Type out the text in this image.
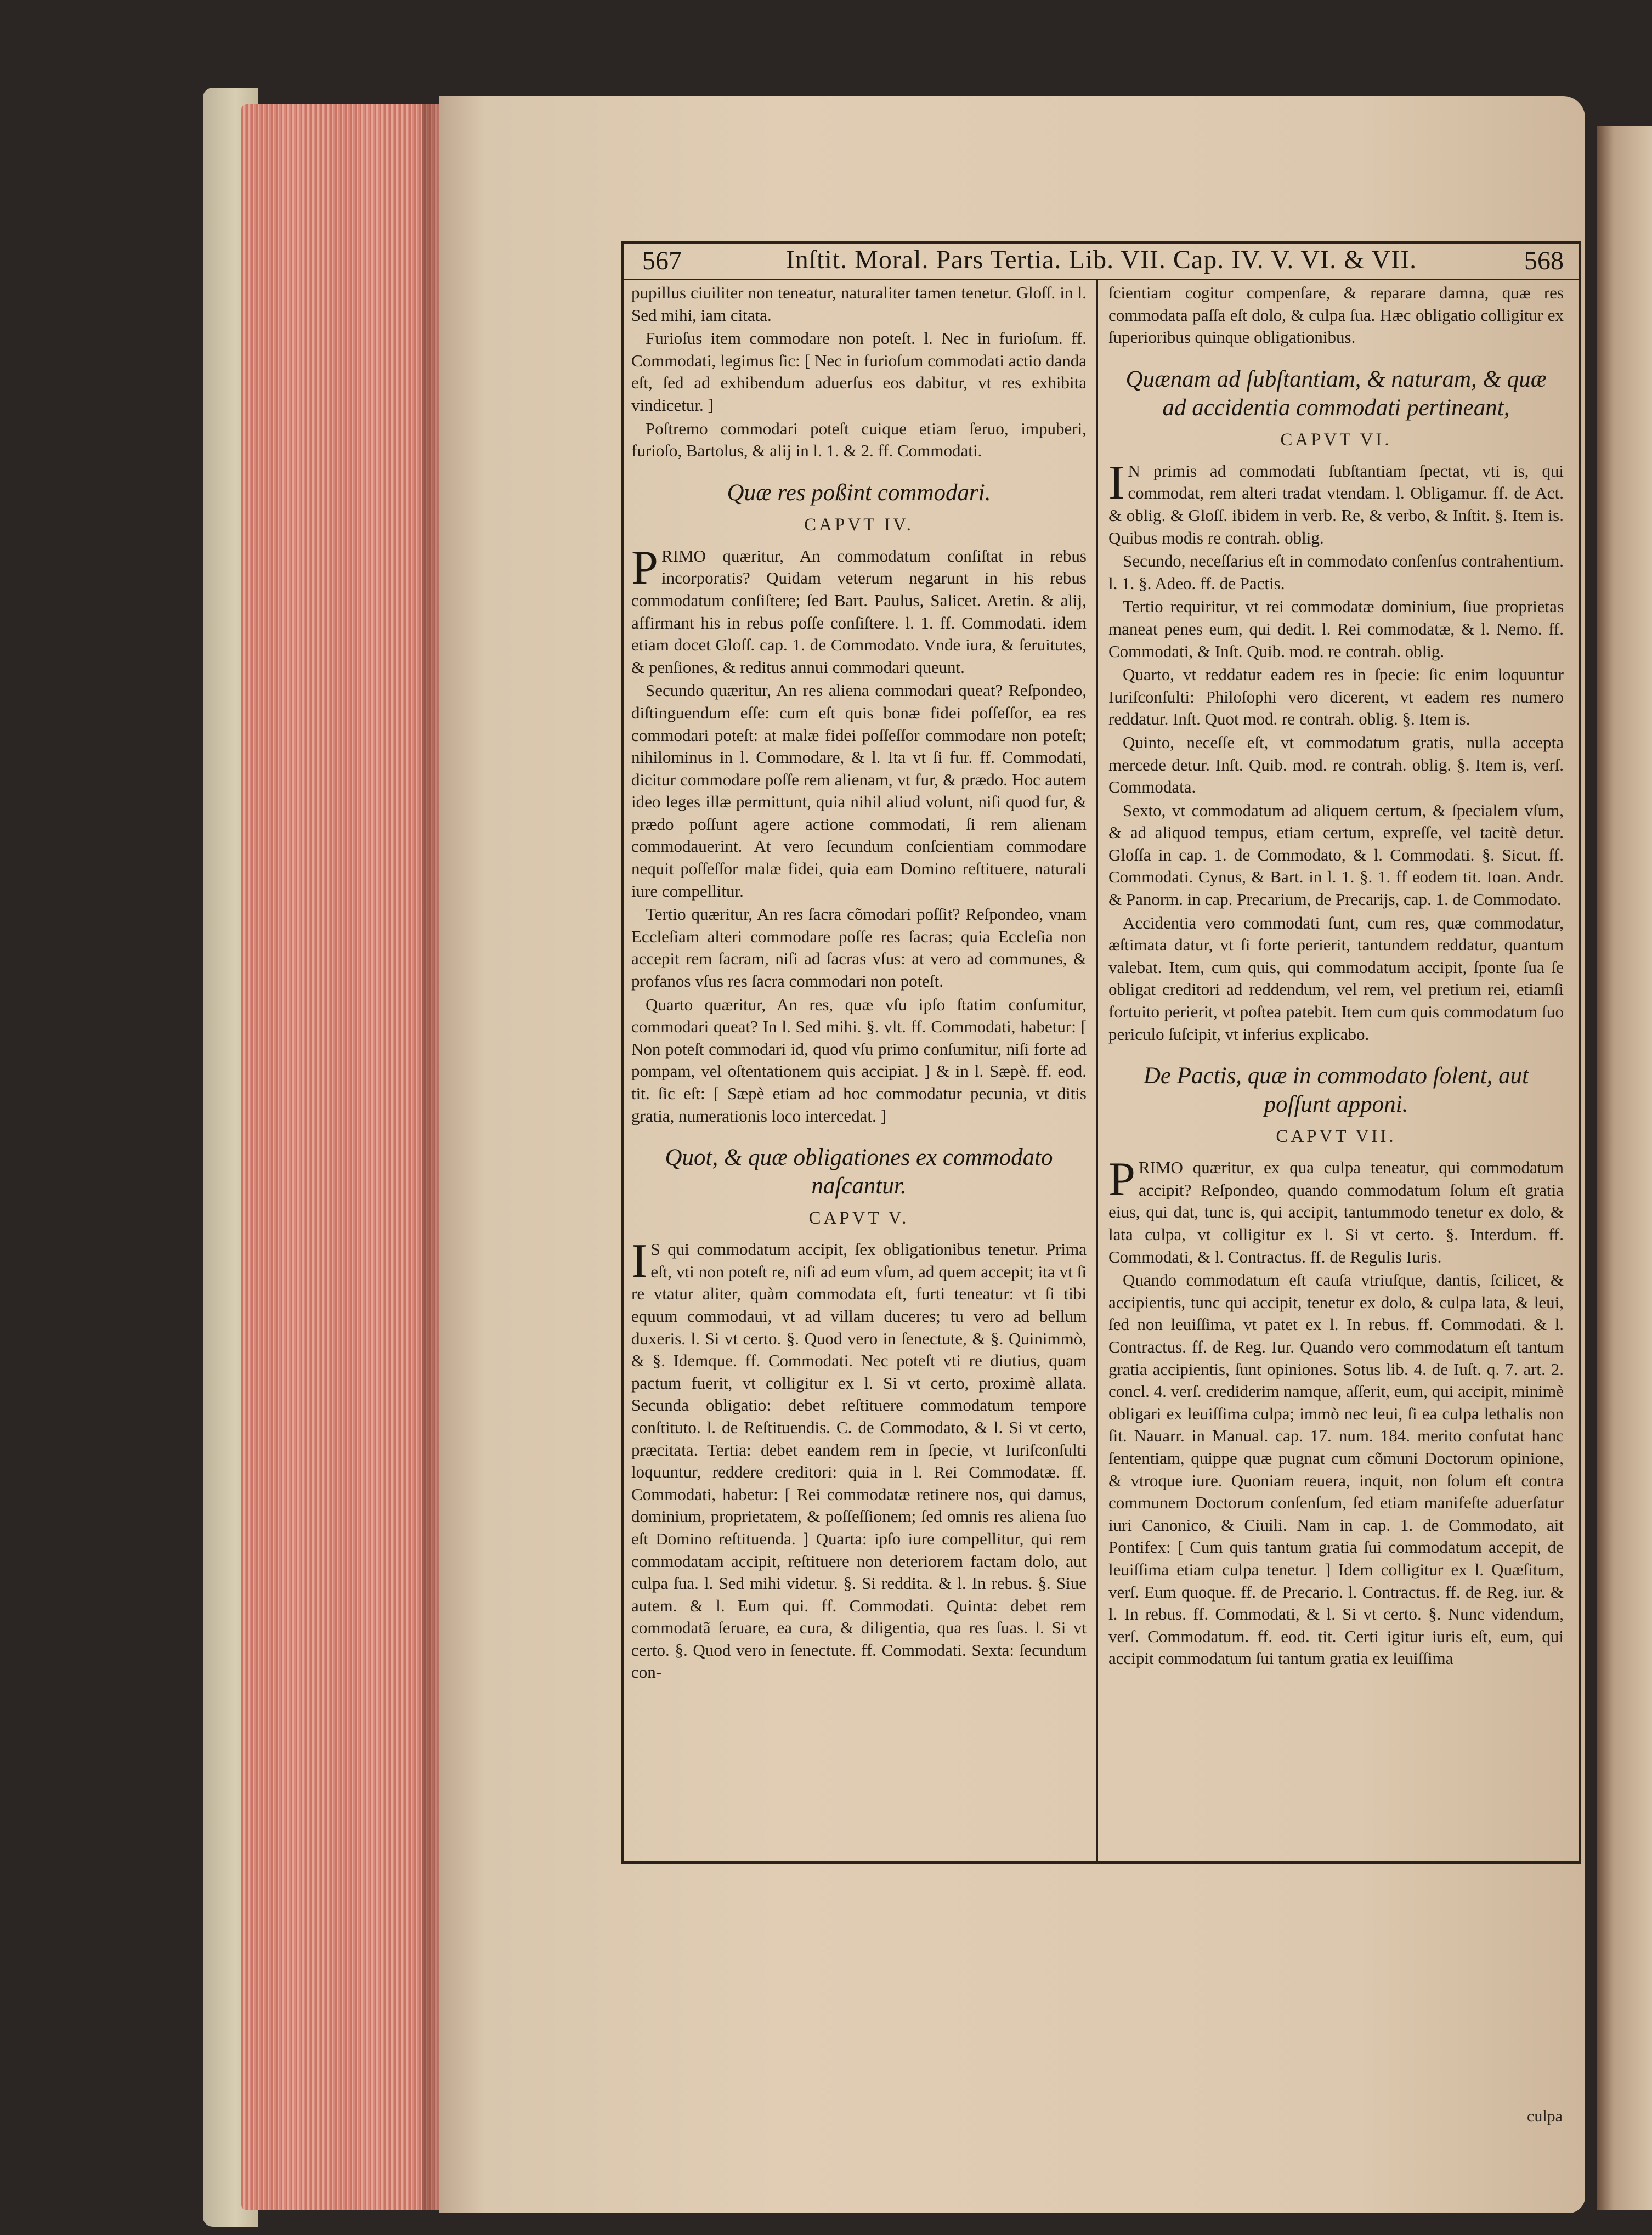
567	Inſtit. Moral. Pars Tertia. Lib. VII. Cap. IV. V. VI. & VII.	568

pupillus ciuiliter non teneatur, naturaliter tamen tenetur. Gloſſ. in l. Sed mihi, iam citata.

Furioſus item commodare non poteſt. l. Nec in furioſum. ff. Commodati, legimus ſic: [ Nec in furioſum commodati actio danda eſt, ſed ad exhibendum aduerſus eos dabitur, vt res exhibita vindicetur. ]

Poſtremo commodari poteſt cuique etiam ſeruo, impuberi, furioſo, Bartolus, & alij in l. 1. & 2. ff. Commodati.

Quæ res poßint commodari.
CAPVT IV.

PRIMO quæritur, An commodatum conſiſtat in rebus incorporatis? Quidam veterum negarunt in his rebus commodatum conſiſtere; ſed Bart. Paulus, Salicet. Aretin. & alij, affirmant his in rebus poſſe conſiſtere. l. 1. ff. Commodati. idem etiam docet Gloſſ. cap. 1. de Commodato. Vnde iura, & ſeruitutes, & penſiones, & reditus annui commodari queunt.

Secundo quæritur, An res aliena commodari queat? Reſpondeo, diſtinguendum eſſe: cum eſt quis bonæ fidei poſſeſſor, ea res commodari poteſt: at malæ fidei poſſeſſor commodare non poteſt; nihilominus in l. Commodare, & l. Ita vt ſi fur. ff. Commodati, dicitur commodare poſſe rem alienam, vt fur, & prædo. Hoc autem ideo leges illæ permittunt, quia nihil aliud volunt, niſi quod fur, & prædo poſſunt agere actione commodati, ſi rem alienam commodauerint. At vero ſecundum conſcientiam commodare nequit poſſeſſor malæ fidei, quia eam Domino reſtituere, naturali iure compellitur.

Tertio quæritur, An res ſacra cõmodari poſſit? Reſpondeo, vnam Eccleſiam alteri commodare poſſe res ſacras; quia Eccleſia non accepit rem ſacram, niſi ad ſacras vſus: at vero ad communes, & profanos vſus res ſacra commodari non poteſt.

Quarto quæritur, An res, quæ vſu ipſo ſtatim conſumitur, commodari queat? In l. Sed mihi. §. vlt. ff. Commodati, habetur: [ Non poteſt commodari id, quod vſu primo conſumitur, niſi forte ad pompam, vel oſtentationem quis accipiat. ] & in l. Sæpè. ff. eod. tit. ſic eſt: [ Sæpè etiam ad hoc commodatur pecunia, vt ditis gratia, numerationis loco intercedat. ]

Quot, & quæ obligationes ex commodato naſcantur.
CAPVT V.

I S qui commodatum accipit, ſex obligationibus tenetur. Prima eſt, vti non poteſt re, niſi ad eum vſum, ad quem accepit; ita vt ſi re vtatur aliter, quàm commodata eſt, furti teneatur: vt ſi tibi equum commodaui, vt ad villam duceres; tu vero ad bellum duxeris. l. Si vt certo. §. Quod vero in ſenectute, & §. Quinimmò, & §. Idemque. ff. Commodati. Nec poteſt vti re diutius, quam pactum fuerit, vt colligitur ex l. Si vt certo, proximè allata. Secunda obligatio: debet reſtituere commodatum tempore conſtituto. l. de Reſtituendis. C. de Commodato, & l. Si vt certo, præcitata. Tertia: debet eandem rem in ſpecie, vt Iuriſconſulti loquuntur, reddere creditori: quia in l. Rei Commodatæ. ff. Commodati, habetur: [ Rei commodatæ retinere nos, qui damus, dominium, proprietatem, & poſſeſſionem; ſed omnis res aliena ſuo eſt Domino reſtituenda. ] Quarta: ipſo iure compellitur, qui rem commodatam accipit, reſtituere non deteriorem factam dolo, aut culpa ſua. l. Sed mihi videtur. §. Si reddita. & l. In rebus. §. Siue autem. & l. Eum qui. ff. Commodati. Quinta: debet rem commodatã ſeruare, ea cura, & diligentia, qua res ſuas. l. Si vt certo. §. Quod vero in ſenectute. ff. Commodati. Sexta: ſecundum con-

ſcientiam cogitur compenſare, & reparare damna, quæ res commodata paſſa eſt dolo, & culpa ſua. Hæc obligatio colligitur ex ſuperioribus quinque obligationibus.

Quænam ad ſubſtantiam, & naturam, & quæ ad accidentia commodati pertineant,
CAPVT VI.

I N primis ad commodati ſubſtantiam ſpectat, vti is, qui commodat, rem alteri tradat vtendam. l. Obligamur. ff. de Act. & oblig. & Gloſſ. ibidem in verb. Re, & verbo, & Inſtit. §. Item is. Quibus modis re contrah. oblig.

Secundo, neceſſarius eſt in commodato conſenſus contrahentium. l. 1. §. Adeo. ff. de Pactis.

Tertio requiritur, vt rei commodatæ dominium, ſiue proprietas maneat penes eum, qui dedit. l. Rei commodatæ, & l. Nemo. ff. Commodati, & Inſt. Quib. mod. re contrah. oblig.

Quarto, vt reddatur eadem res in ſpecie: ſic enim loquuntur Iuriſconſulti: Philoſophi vero dicerent, vt eadem res numero reddatur. Inſt. Quot mod. re contrah. oblig. §. Item is.

Quinto, neceſſe eſt, vt commodatum gratis, nulla accepta mercede detur. Inſt. Quib. mod. re contrah. oblig. §. Item is, verſ. Commodata.

Sexto, vt commodatum ad aliquem certum, & ſpecialem vſum, & ad aliquod tempus, etiam certum, expreſſe, vel tacitè detur. Gloſſa in cap. 1. de Commodato, & l. Commodati. §. Sicut. ff. Commodati. Cynus, & Bart. in l. 1. §. 1. ff eodem tit. Ioan. Andr. & Panorm. in cap. Precarium, de Precarijs, cap. 1. de Commodato.

Accidentia vero commodati ſunt, cum res, quæ commodatur, æſtimata datur, vt ſi forte perierit, tantundem reddatur, quantum valebat. Item, cum quis, qui commodatum accipit, ſponte ſua ſe obligat creditori ad reddendum, vel rem, vel pretium rei, etiamſi fortuito perierit, vt poſtea patebit. Item cum quis commodatum ſuo periculo ſuſcipit, vt inferius explicabo.

De Pactis, quæ in commodato ſolent, aut poſſunt apponi.
CAPVT VII.

PRIMO quæritur, ex qua culpa teneatur, qui commodatum accipit? Reſpondeo, quando commodatum ſolum eſt gratia eius, qui dat, tunc is, qui accipit, tantummodo tenetur ex dolo, & lata culpa, vt colligitur ex l. Si vt certo. §. Interdum. ff. Commodati, & l. Contractus. ff. de Regulis Iuris.

Quando commodatum eſt cauſa vtriuſque, dantis, ſcilicet, & accipientis, tunc qui accipit, tenetur ex dolo, & culpa lata, & leui, ſed non leuiſſima, vt patet ex l. In rebus. ff. Commodati. & l. Contractus. ff. de Reg. Iur. Quando vero commodatum eſt tantum gratia accipientis, ſunt opiniones. Sotus lib. 4. de Iuſt. q. 7. art. 2. concl. 4. verſ. crediderim namque, aſſerit, eum, qui accipit, minimè obligari ex leuiſſima culpa; immò nec leui, ſi ea culpa lethalis non ſit. Nauarr. in Manual. cap. 17. num. 184. merito confutat hanc ſententiam, quippe quæ pugnat cum cõmuni Doctorum opinione, & vtroque iure. Quoniam reuera, inquit, non ſolum eſt contra communem Doctorum conſenſum, ſed etiam manifeſte aduerſatur iuri Canonico, & Ciuili. Nam in cap. 1. de Commodato, ait Pontifex: [ Cum quis tantum gratia ſui commodatum accepit, de leuiſſima etiam culpa tenetur. ] Idem colligitur ex l. Quæſitum, verſ. Eum quoque. ff. de Precario. l. Contractus. ff. de Reg. iur. & l. In rebus. ff. Commodati, & l. Si vt certo. §. Nunc videndum, verſ. Commodatum. ff. eod. tit. Certi igitur iuris eſt, eum, qui accipit commodatum ſui tantum gratia ex leuiſſima

culpa
